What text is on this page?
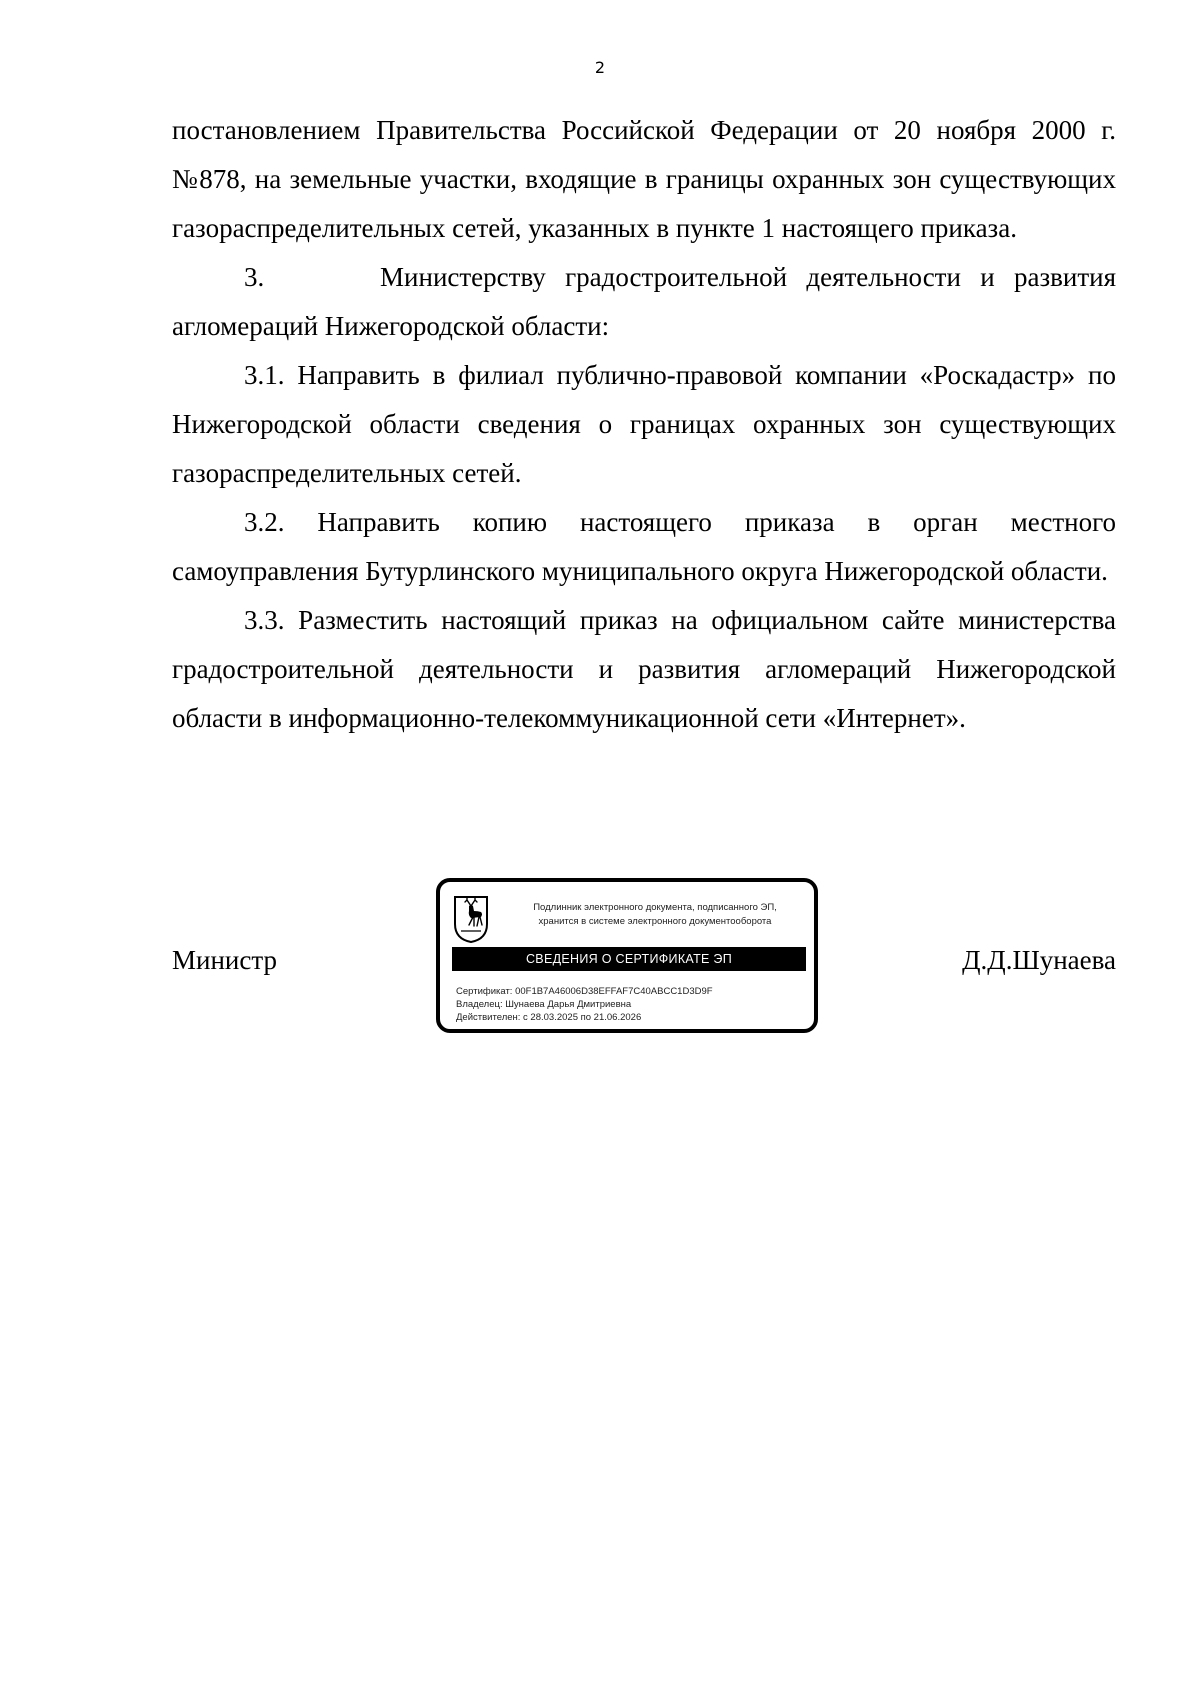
2

постановлением Правительства Российской Федерации от 20 ноября 2000 г. №878, на земельные участки, входящие в границы охранных зон существующих газораспределительных сетей, указанных в пункте 1 настоящего приказа.

3.      Министерству градостроительной деятельности и развития агломераций Нижегородской области:

3.1. Направить в филиал публично-правовой компании «Роскадастр» по Нижегородской области сведения о границах охранных зон существующих газораспределительных сетей.

3.2. Направить копию настоящего приказа в орган местного самоуправления Бутурлинского муниципального округа Нижегородской области.

3.3. Разместить настоящий приказ на официальном сайте министерства градостроительной деятельности и развития агломераций Нижегородской области в информационно-телекоммуникационной сети «Интернет».

Министр	Д.Д.Шунаева
Подлинник электронного документа, подписанного ЭП,
хранится в системе электронного документооборота
СВЕДЕНИЯ О СЕРТИФИКАТЕ ЭП
Сертификат: 00F1B7A46006D38EFFAF7C40ABCC1D3D9F
Владелец: Шунаева Дарья Дмитриевна
Действителен: с 28.03.2025 по 21.06.2026
